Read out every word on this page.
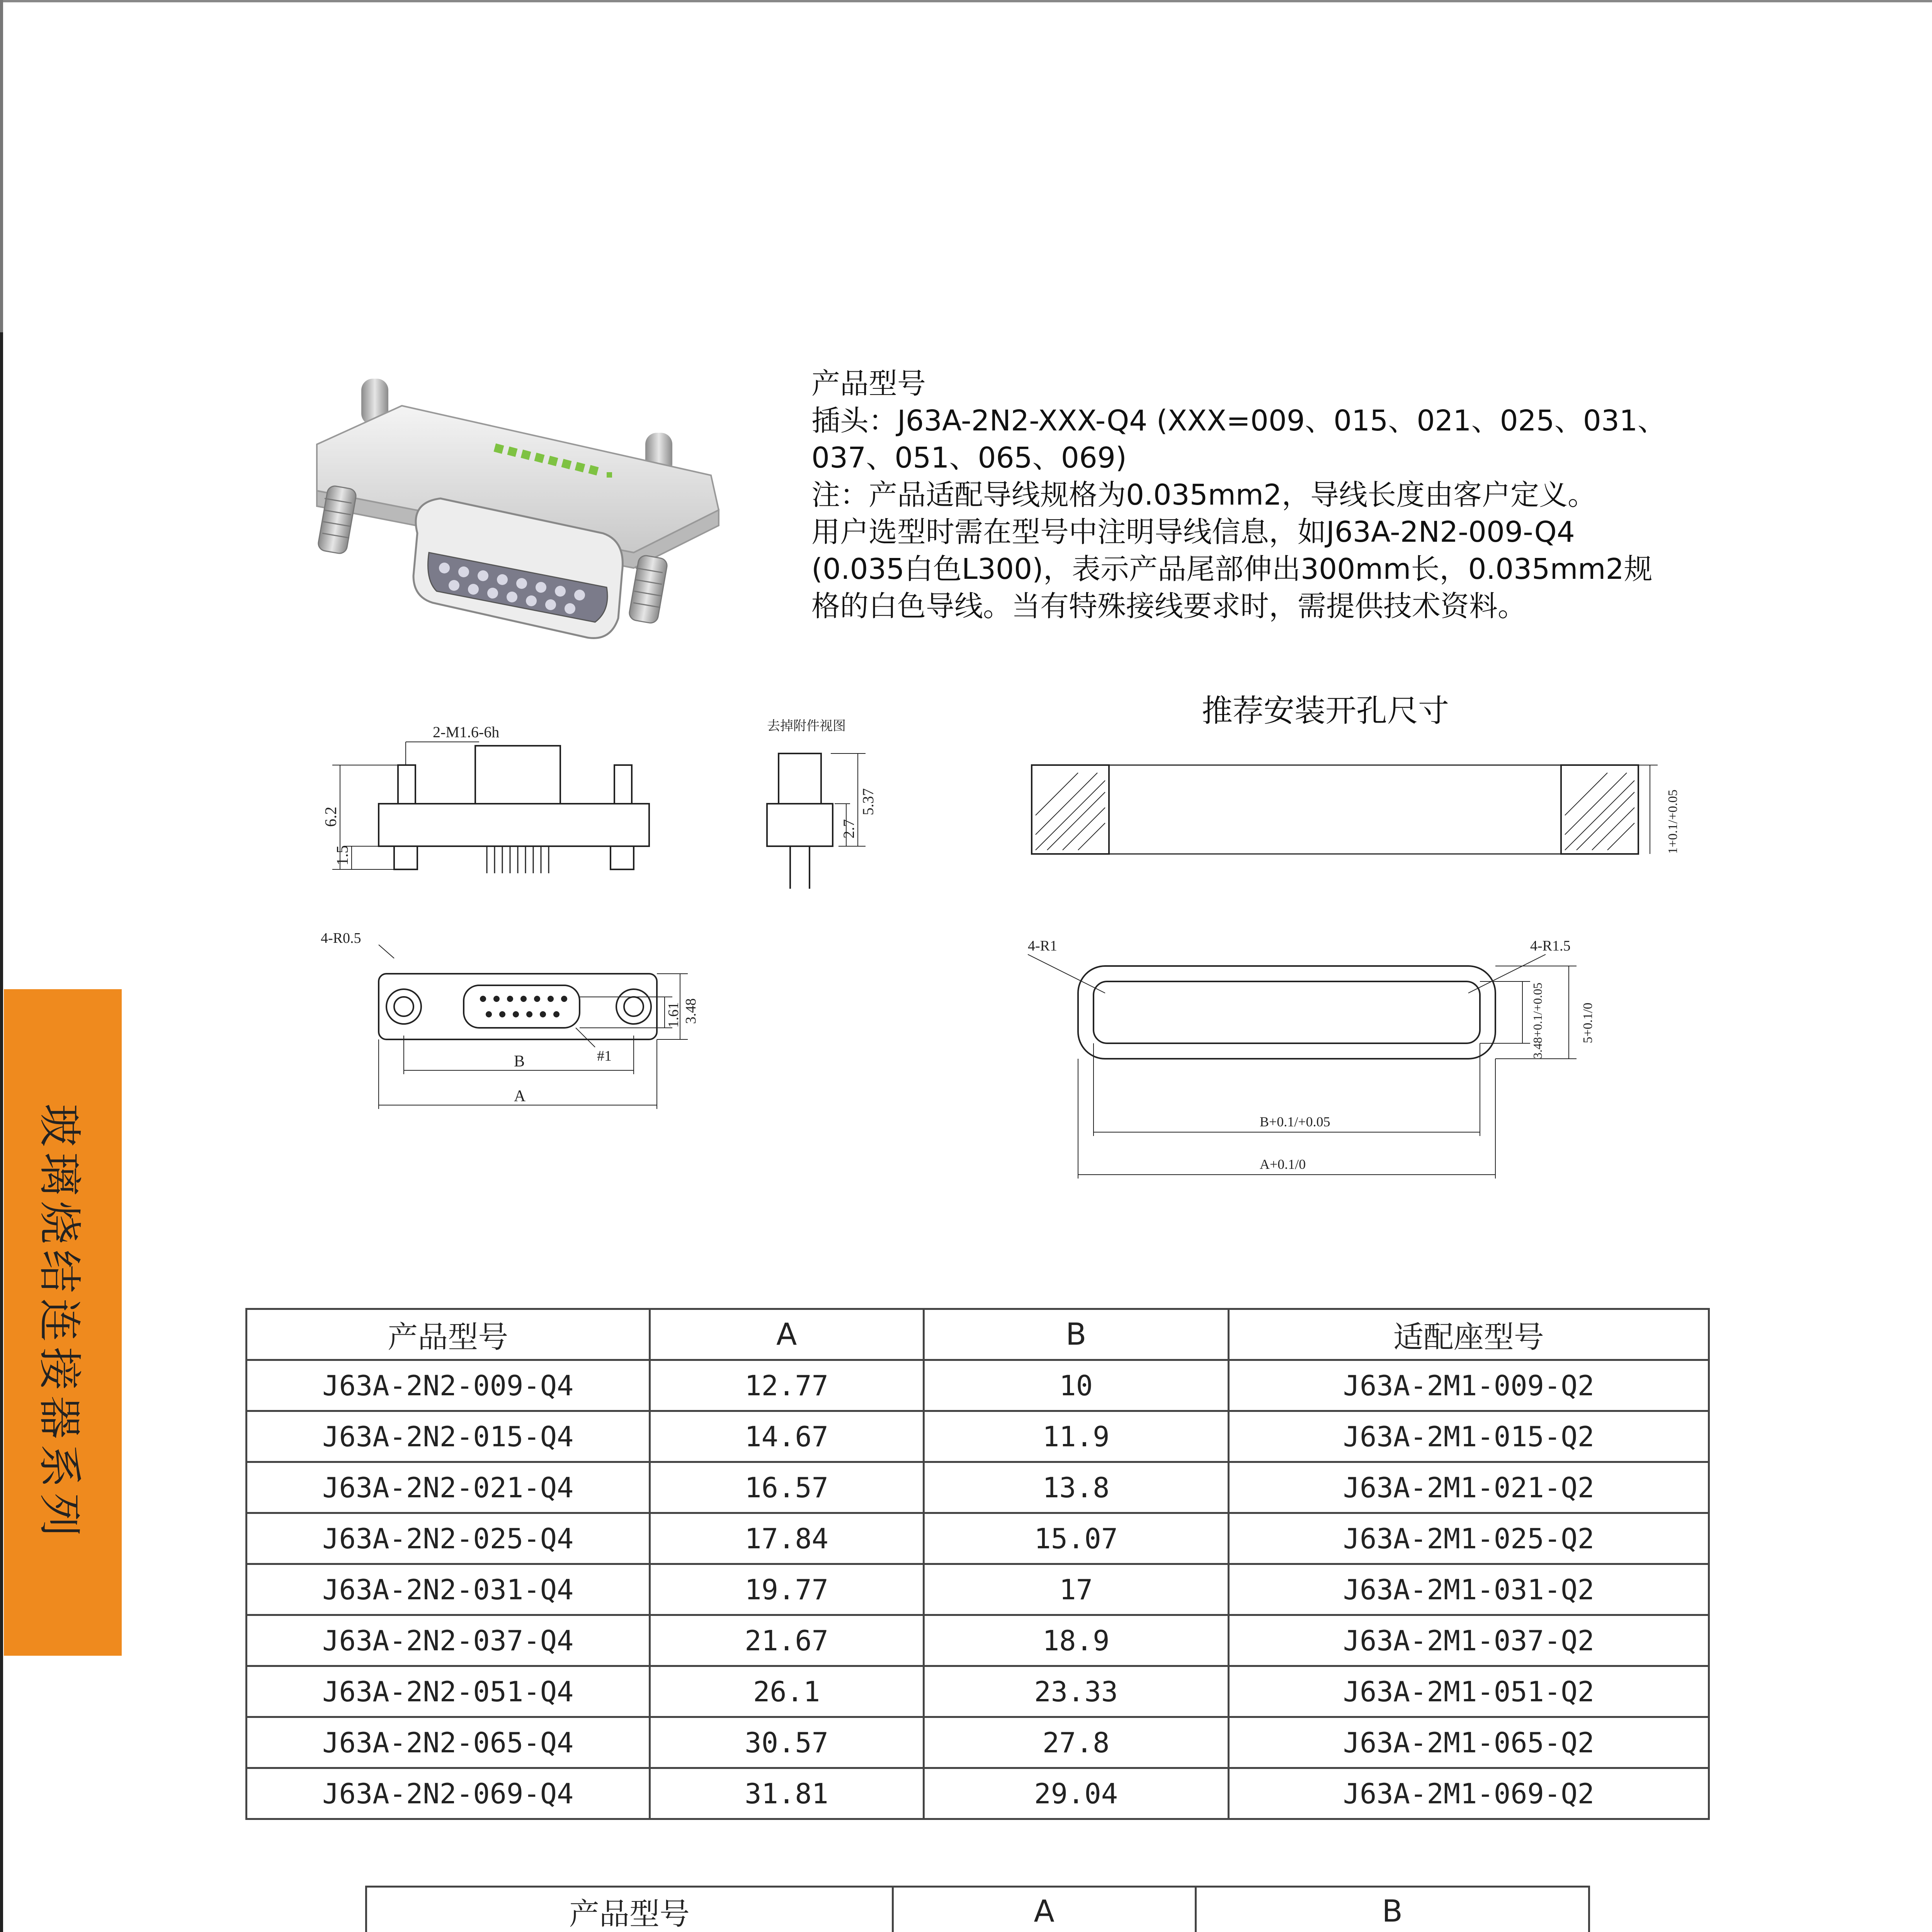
玻璃烧结连接器系列
产品型号
插头：J63A-2N2-XXX-Q4 (XXX=009、015、021、025、031、
037、051、065、069)
注：产品适配导线规格为0.035mm2，导线长度由客户定义。
用户选型时需在型号中注明导线信息，如J63A-2N2-009-Q4
(0.035白色L300)，表示产品尾部伸出300mm长，0.035mm2规
格的白色导线。当有特殊接线要求时，需提供技术资料。
推荐安装开孔尺寸
6.2
1.5
2-M1.6-6h	去掉附件视图
5.37
2.7
4-R0.5
B
A
3.48
1.61
#1
1+0.1/+0.05
4-R1	4-R1.5
B+0.1/+0.05
A+0.1/0
3.48+0.1/+0.05	5+0.1/0
产品型号	A	B	适配座型号
J63A-2N2-009-Q4	12.77	10	J63A-2M1-009-Q2
J63A-2N2-015-Q4	14.67	11.9	J63A-2M1-015-Q2
J63A-2N2-021-Q4	16.57	13.8	J63A-2M1-021-Q2
J63A-2N2-025-Q4	17.84	15.07	J63A-2M1-025-Q2
J63A-2N2-031-Q4	19.77	17	J63A-2M1-031-Q2
J63A-2N2-037-Q4	21.67	18.9	J63A-2M1-037-Q2
J63A-2N2-051-Q4	26.1	23.33	J63A-2M1-051-Q2
J63A-2N2-065-Q4	30.57	27.8	J63A-2M1-065-Q2
J63A-2N2-069-Q4	31.81	29.04	J63A-2M1-069-Q2
产品型号	A	B
